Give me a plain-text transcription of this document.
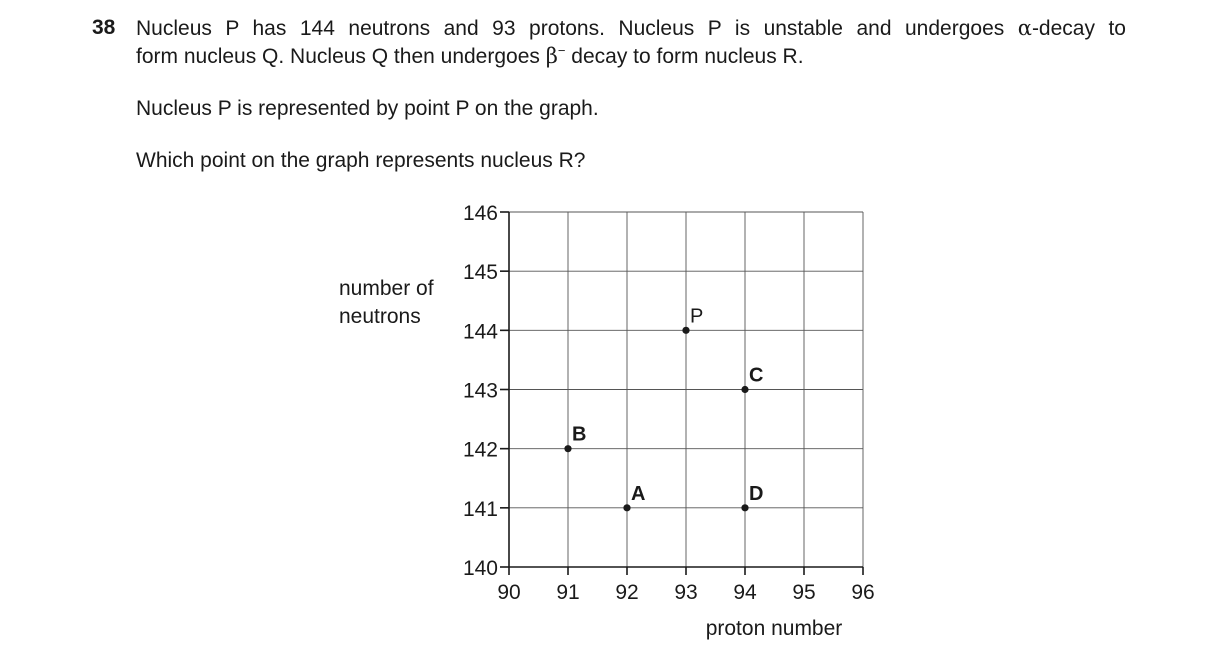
38 Nucleus P has 144 neutrons and 93 protons. Nucleus P is unstable and undergoes α-decay to
form nucleus Q. Nucleus Q then undergoes β− decay to form nucleus R.
Nucleus P is represented by point P on the graph.
Which point on the graph represents nucleus R?
90 91 92 93 94 95 96
140
141
142
143
144
145
146
P
C
B
A	D
proton number
number of
neutrons
